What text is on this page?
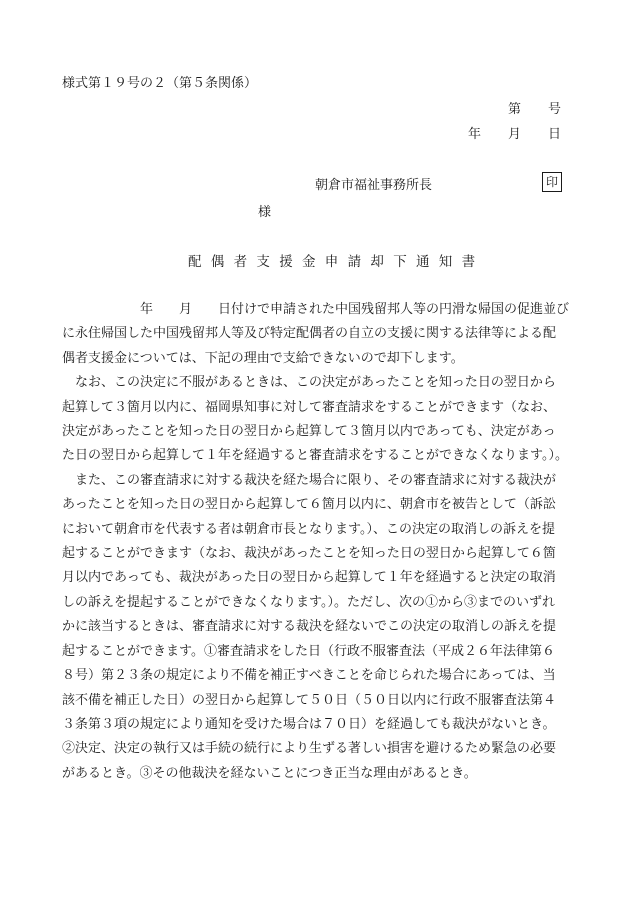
様式第１９号の２（第５条関係）
第 号
年 月 日
朝倉市福祉事務所長	印
様
配偶者支援金申請却下通知書

　　　　　　年　　月　　日付けで申請された中国残留邦人等の円滑な帰国の促進並び

に永住帰国した中国残留邦人等及び特定配偶者の自立の支援に関する法律等による配

偶者支援金については、下記の理由で支給できないので却下します。

　なお、この決定に不服があるときは、この決定があったことを知った日の翌日から

起算して３箇月以内に、福岡県知事に対して審査請求をすることができます（なお、

決定があったことを知った日の翌日から起算して３箇月以内であっても、決定があっ

た日の翌日から起算して１年を経過すると審査請求をすることができなくなります。）。

　また、この審査請求に対する裁決を経た場合に限り、その審査請求に対する裁決が

あったことを知った日の翌日から起算して６箇月以内に、朝倉市を被告として（訴訟

において朝倉市を代表する者は朝倉市長となります。）、この決定の取消しの訴えを提

起することができます（なお、裁決があったことを知った日の翌日から起算して６箇

月以内であっても、裁決があった日の翌日から起算して１年を経過すると決定の取消

しの訴えを提起することができなくなります。）。ただし、次の①から③までのいずれ

かに該当するときは、審査請求に対する裁決を経ないでこの決定の取消しの訴えを提

起することができます。①審査請求をした日（行政不服審査法（平成２６年法律第６

８号）第２３条の規定により不備を補正すべきことを命じられた場合にあっては、当

該不備を補正した日）の翌日から起算して５０日（５０日以内に行政不服審査法第４

３条第３項の規定により通知を受けた場合は７０日）を経過しても裁決がないとき。

②決定、決定の執行又は手続の続行により生ずる著しい損害を避けるため緊急の必要

があるとき。③その他裁決を経ないことにつき正当な理由があるとき。
